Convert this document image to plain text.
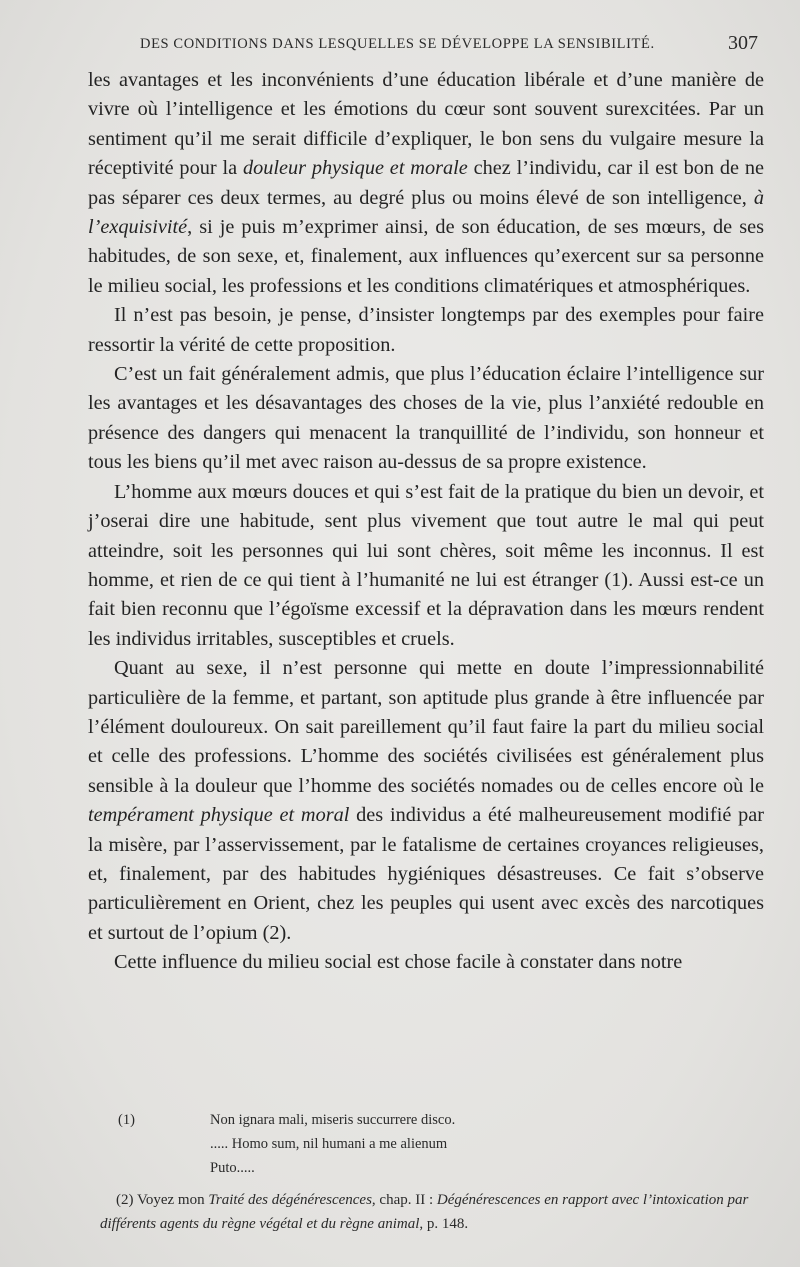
DES CONDITIONS DANS LESQUELLES SE DÉVELOPPE LA SENSIBILITÉ.	307

les avantages et les inconvénients d’une éducation libérale et d’une manière de vivre où l’intelligence et les émotions du cœur sont souvent surexcitées. Par un sentiment qu’il me serait difficile d’expliquer, le bon sens du vulgaire mesure la réceptivité pour la douleur physique et morale chez l’individu, car il est bon de ne pas séparer ces deux termes, au degré plus ou moins élevé de son intelligence, à l’exquisivité, si je puis m’exprimer ainsi, de son éducation, de ses mœurs, de ses habitudes, de son sexe, et, finalement, aux influences qu’exercent sur sa personne le milieu social, les professions et les conditions climatériques et atmosphériques.

Il n’est pas besoin, je pense, d’insister longtemps par des exemples pour faire ressortir la vérité de cette proposition.

C’est un fait généralement admis, que plus l’éducation éclaire l’intelligence sur les avantages et les désavantages des choses de la vie, plus l’anxiété redouble en présence des dangers qui menacent la tranquillité de l’individu, son honneur et tous les biens qu’il met avec raison au-dessus de sa propre existence.

L’homme aux mœurs douces et qui s’est fait de la pratique du bien un devoir, et j’oserai dire une habitude, sent plus vivement que tout autre le mal qui peut atteindre, soit les personnes qui lui sont chères, soit même les inconnus. Il est homme, et rien de ce qui tient à l’humanité ne lui est étranger (1). Aussi est-ce un fait bien reconnu que l’égoïsme excessif et la dépravation dans les mœurs rendent les individus irritables, susceptibles et cruels.

Quant au sexe, il n’est personne qui mette en doute l’impressionnabilité particulière de la femme, et partant, son aptitude plus grande à être influencée par l’élément douloureux. On sait pareillement qu’il faut faire la part du milieu social et celle des professions. L’homme des sociétés civilisées est généralement plus sensible à la douleur que l’homme des sociétés nomades ou de celles encore où le tempérament physique et moral des individus a été malheureusement modifié par la misère, par l’asservissement, par le fatalisme de certaines croyances religieuses, et, finalement, par des habitudes hygiéniques désastreuses. Ce fait s’observe particulièrement en Orient, chez les peuples qui usent avec excès des narcotiques et surtout de l’opium (2).

Cette influence du milieu social est chose facile à constater dans notre

(1)	Non ignara mali, miseris succurrere disco.
..... Homo sum, nil humani a me alienum
Puto.....
(2) Voyez mon Traité des dégénérescences, chap. II : Dégénérescences en rapport avec l’intoxication par différents agents du règne végétal et du règne animal, p. 148.
